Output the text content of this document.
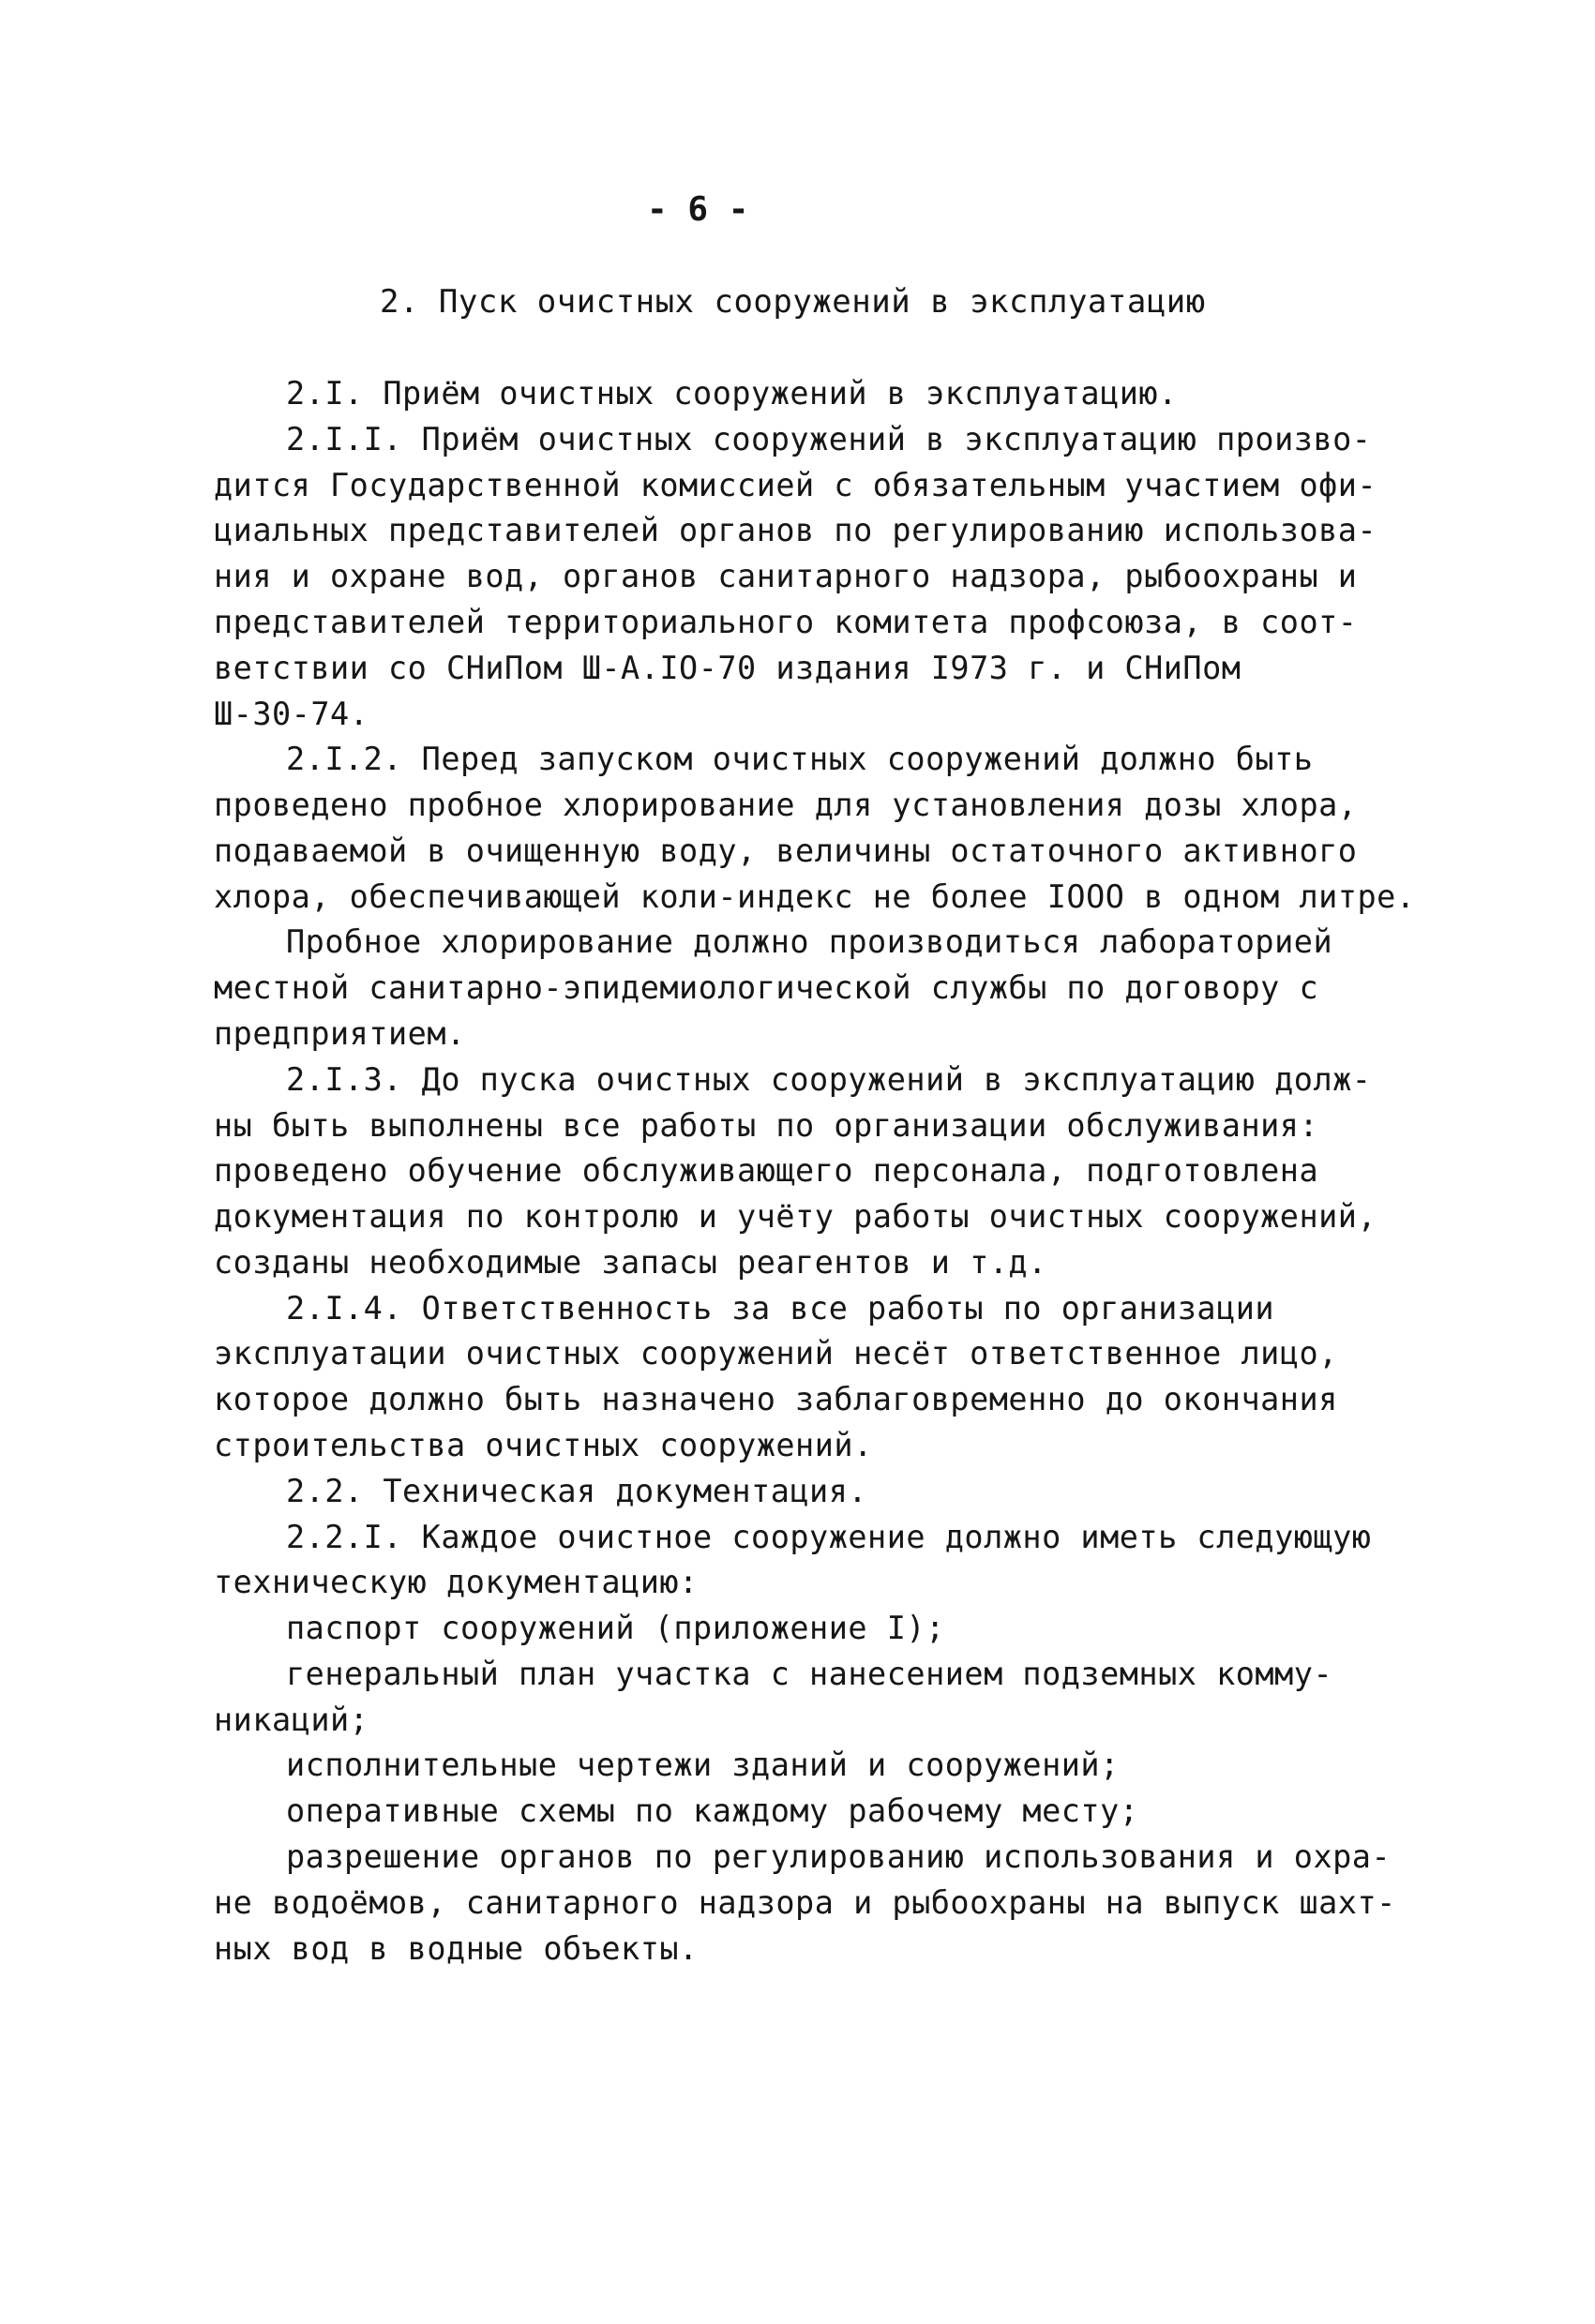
- 6 -
2. Пуск очистных сооружений в эксплуатацию
2.I. Приём очистных сооружений в эксплуатацию.
2.I.I. Приём очистных сооружений в эксплуатацию произво-
дится Государственной комиссией с обязательным участием офи-
циальных представителей органов по регулированию использова-
ния и охране вод, органов санитарного надзора, рыбоохраны и
представителей территориального комитета профсоюза, в соот-
ветствии со СНиПом Ш-А.IO-70 издания I973 г. и СНиПом
Ш-30-74.
2.I.2. Перед запуском очистных сооружений должно быть
проведено пробное хлорирование для установления дозы хлора,
подаваемой в очищенную воду, величины остаточного активного
хлора, обеспечивающей коли-индекс не более IOOO в одном литре.
Пробное хлорирование должно производиться лабораторией
местной санитарно-эпидемиологической службы по договору с
предприятием.
2.I.3. До пуска очистных сооружений в эксплуатацию долж-
ны быть выполнены все работы по организации обслуживания:
проведено обучение обслуживающего персонала, подготовлена
документация по контролю и учёту работы очистных сооружений,
созданы необходимые запасы реагентов и т.д.
2.I.4. Ответственность за все работы по организации
эксплуатации очистных сооружений несёт ответственное лицо,
которое должно быть назначено заблаговременно до окончания
строительства очистных сооружений.
2.2. Техническая документация.
2.2.I. Каждое очистное сооружение должно иметь следующую
техническую документацию:
паспорт сооружений (приложение I);
генеральный план участка с нанесением подземных комму-
никаций;
исполнительные чертежи зданий и сооружений;
оперативные схемы по каждому рабочему месту;
разрешение органов по регулированию использования и охра-
не водоёмов, санитарного надзора и рыбоохраны на выпуск шахт-
ных вод в водные объекты.
